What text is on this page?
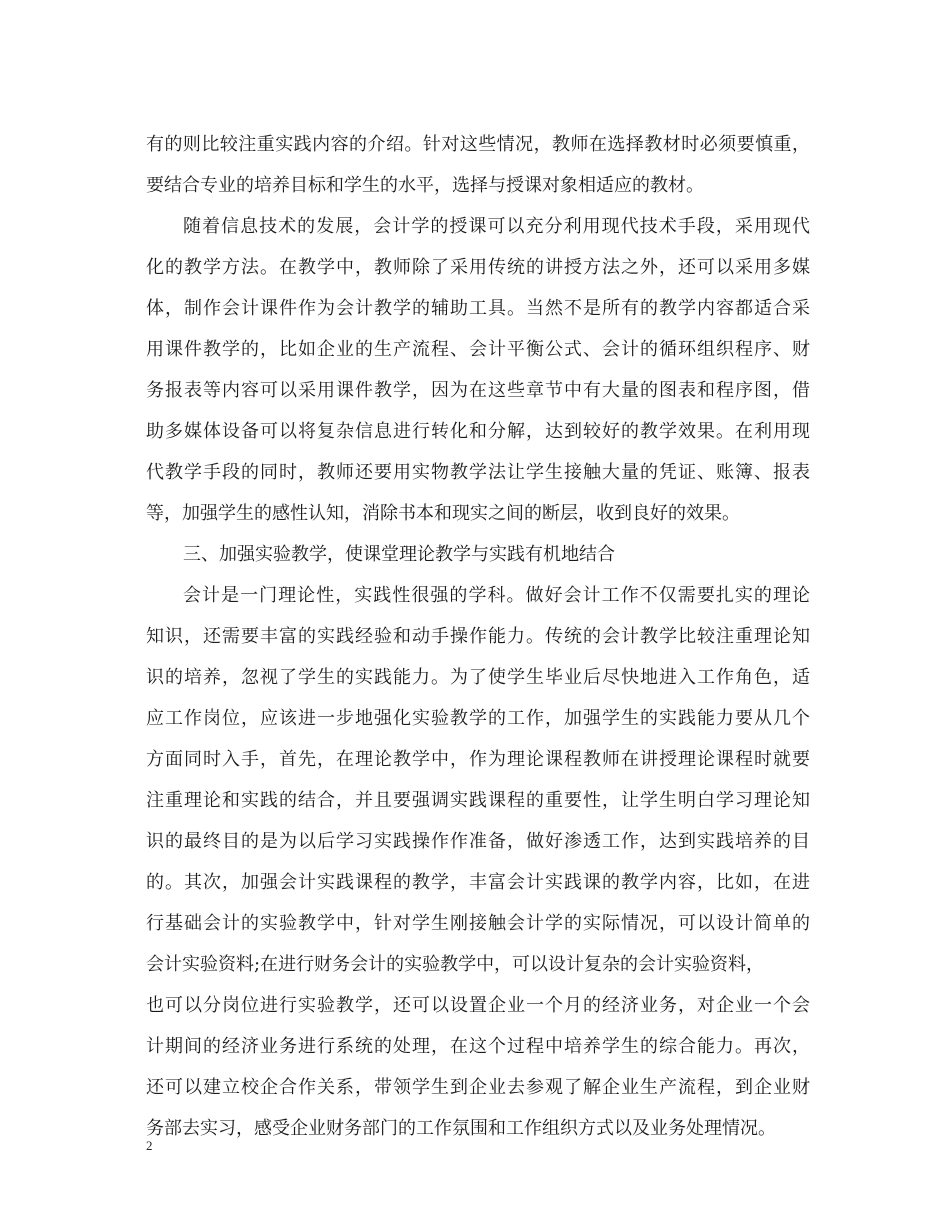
有的则比较注重实践内容的介绍。针对这些情况，教师在选择教材时必须要慎重，
要结合专业的培养目标和学生的水平，选择与授课对象相适应的教材。
随着信息技术的发展，会计学的授课可以充分利用现代技术手段，采用现代
化的教学方法。在教学中，教师除了采用传统的讲授方法之外，还可以采用多媒
体，制作会计课件作为会计教学的辅助工具。当然不是所有的教学内容都适合采
用课件教学的，比如企业的生产流程、会计平衡公式、会计的循环组织程序、财
务报表等内容可以采用课件教学，因为在这些章节中有大量的图表和程序图，借
助多媒体设备可以将复杂信息进行转化和分解，达到较好的教学效果。在利用现
代教学手段的同时，教师还要用实物教学法让学生接触大量的凭证、账簿、报表
等，加强学生的感性认知，消除书本和现实之间的断层，收到良好的效果。
三、加强实验教学，使课堂理论教学与实践有机地结合
会计是一门理论性，实践性很强的学科。做好会计工作不仅需要扎实的理论
知识，还需要丰富的实践经验和动手操作能力。传统的会计教学比较注重理论知
识的培养，忽视了学生的实践能力。为了使学生毕业后尽快地进入工作角色，适
应工作岗位，应该进一步地强化实验教学的工作，加强学生的实践能力要从几个
方面同时入手，首先，在理论教学中，作为理论课程教师在讲授理论课程时就要
注重理论和实践的结合，并且要强调实践课程的重要性，让学生明白学习理论知
识的最终目的是为以后学习实践操作作准备，做好渗透工作，达到实践培养的目
的。其次，加强会计实践课程的教学，丰富会计实践课的教学内容，比如，在进
行基础会计的实验教学中，针对学生刚接触会计学的实际情况，可以设计简单的
会计实验资料;在进行财务会计的实验教学中，可以设计复杂的会计实验资料，
也可以分岗位进行实验教学，还可以设置企业一个月的经济业务，对企业一个会
计期间的经济业务进行系统的处理，在这个过程中培养学生的综合能力。再次，
还可以建立校企合作关系，带领学生到企业去参观了解企业生产流程，到企业财
务部去实习，感受企业财务部门的工作氛围和工作组织方式以及业务处理情况。
2
